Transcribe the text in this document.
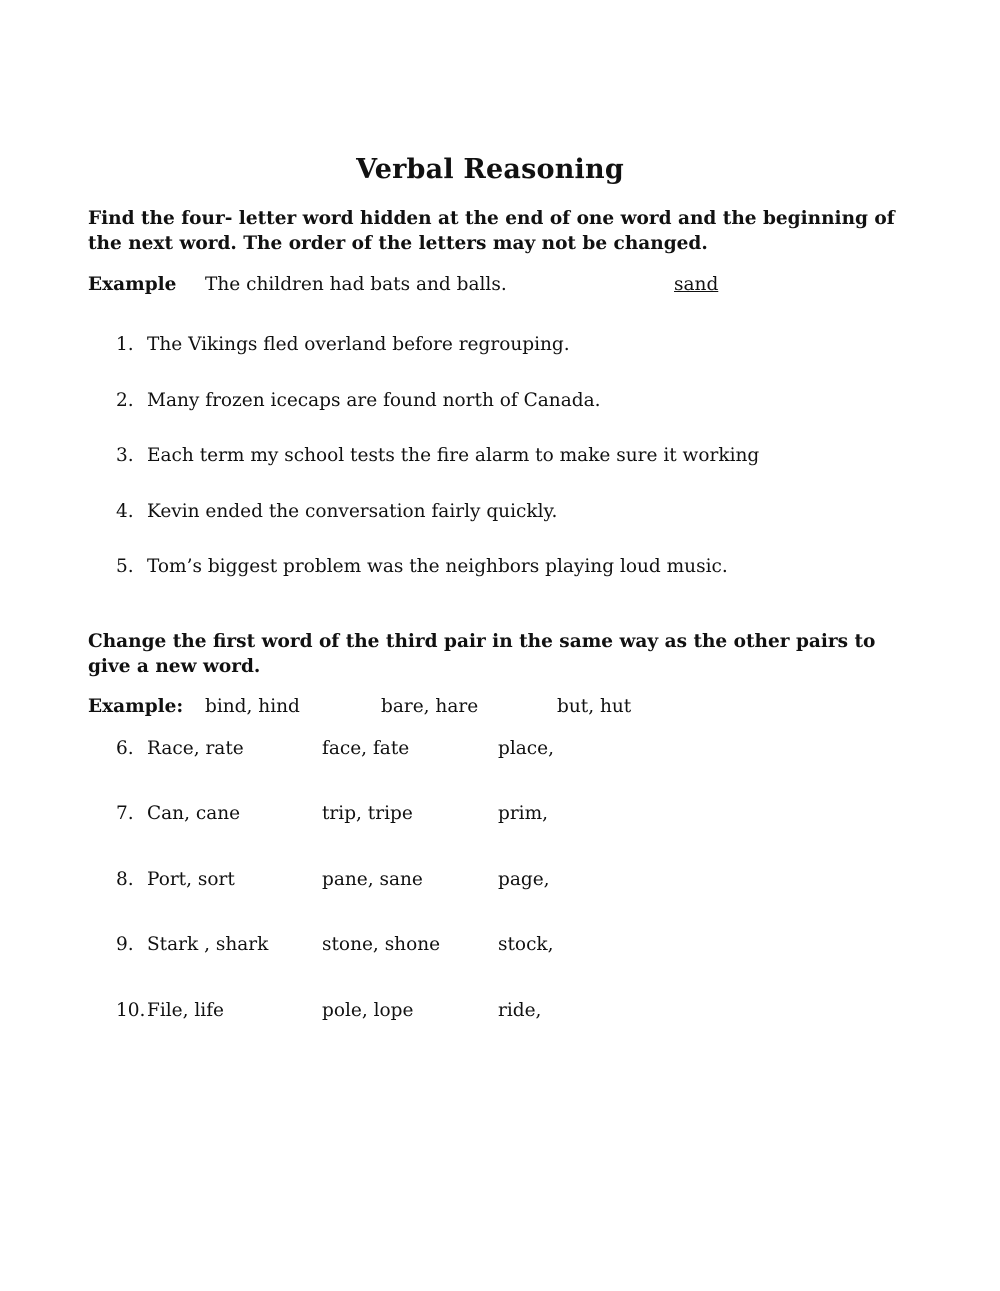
Verbal Reasoning
Find the four- letter word hidden at the end of one word and the beginning of the next word. The order of the letters may not be changed.
Example The children had bats and balls.	sand
1. The Vikings fled overland before regrouping.
2. Many frozen icecaps are found north of Canada.
3. Each term my school tests the fire alarm to make sure it working
4. Kevin ended the conversation fairly quickly.
5. Tom’s biggest problem was the neighbors playing loud music.
Change the first word of the third pair in the same way as the other pairs to give a new word.
Example: bind, hind	bare, hare	but, hut
6. Race, rate	face, fate	place,
7. Can, cane	trip, tripe	prim,
8. Port, sort	pane, sane	page,
9. Stark , shark	stone, shone	stock,
10. File, life	pole, lope	ride,
